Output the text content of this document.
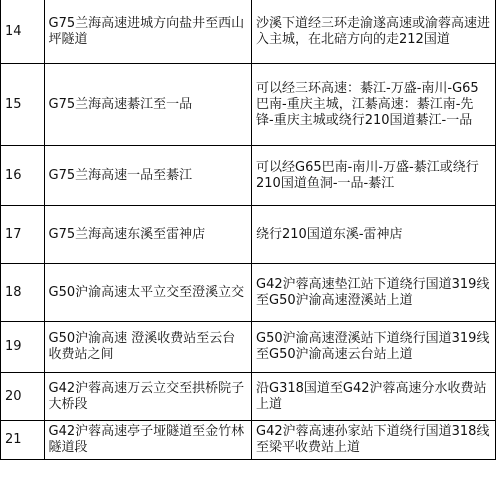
14	G75兰海高速进城方向盐井至西山坪隧道	沙溪下道经三环走渝遂高速或渝蓉高速进入主城，在北碚方向的走212国道
15	G75兰海高速綦江至一品	可以经三环高速：綦江-万盛-南川-G65巴南-重庆主城，江綦高速：綦江南-先锋-重庆主城或绕行210国道綦江-一品
16	G75兰海高速一品至綦江	可以经G65巴南-南川-万盛-綦江或绕行210国道鱼洞-一品-綦江
17	G75兰海高速东溪至雷神店	绕行210国道东溪-雷神店
18	G50沪渝高速太平立交至澄溪立交	G42沪蓉高速垫江站下道绕行国道319线至G50沪渝高速澄溪站上道
19	G50沪渝高速 澄溪收费站至云台收费站之间	G50沪渝高速澄溪站下道绕行国道319线至G50沪渝高速云台站上道
20	G42沪蓉高速万云立交至拱桥院子大桥段	沿G318国道至G42沪蓉高速分水收费站上道
21	G42沪蓉高速亭子垭隧道至金竹林隧道段	G42沪蓉高速孙家站下道绕行国道318线至梁平收费站上道
